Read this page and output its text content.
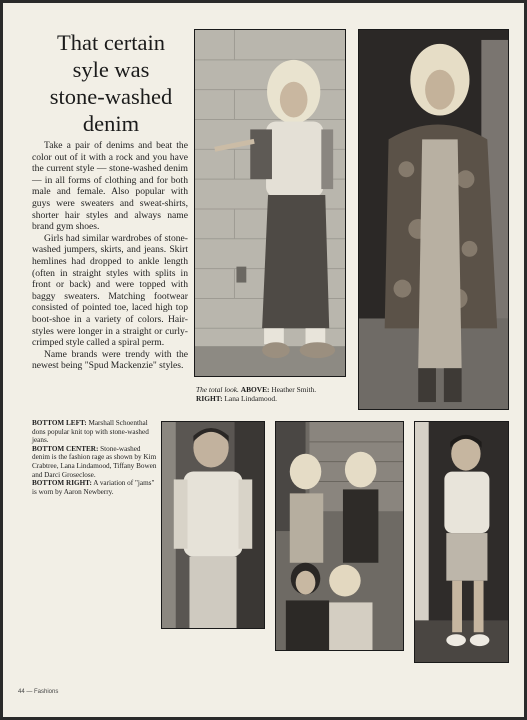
That certain
syle was
stone-washed
denim

Take a pair of denims and beat the color out of it with a rock and you have the current style — stone-washed denim — in all forms of clothing and for both male and female. Also popular with guys were sweaters and sweat-shirts, shorter hair styles and always name brand gym shoes.

Girls had similar wardrobes of stone-washed jumpers, skirts, and jeans. Skirt hemlines had dropped to ankle length (often in straight styles with splits in front or back) and were topped with baggy sweaters. Matching footwear consisted of pointed toe, laced high top boot-shoe in a variety of colors. Hair-styles were longer in a straight or curly-crimped style called a spiral perm.

Name brands were trendy with the newest being "Spud Mackenzie" styles.

The total look. ABOVE: Heather Smith.
RIGHT: Lana Lindamood.

BOTTOM LEFT: Marshall Schoenthal dons popular knit top with stone-washed jeans.

BOTTOM CENTER: Stone-washed denim is the fashion rage as shown by Kim Crabtree, Lana Lindamood, Tiffany Bowen and Darci Groseclose.

BOTTOM RIGHT: A variation of "jams" is worn by Aaron Newberry.

44 — Fashions
